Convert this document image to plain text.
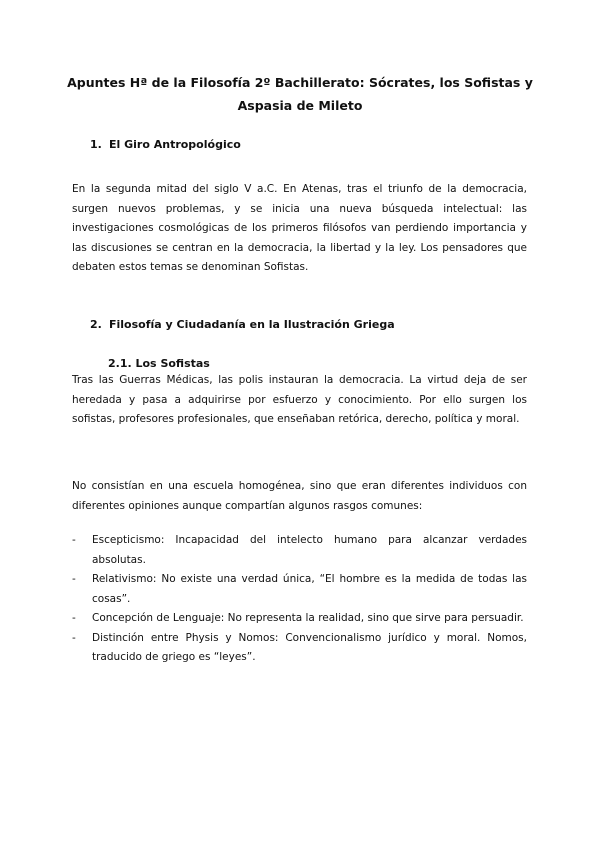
Apuntes Hª de la Filosofía 2º Bachillerato: Sócrates, los Sofistas y Aspasia de Mileto
1. El Giro Antropológico
En la segunda mitad del siglo V a.C. En Atenas, tras el triunfo de la democracia, surgen nuevos problemas, y se inicia una nueva búsqueda intelectual: las investigaciones cosmológicas de los primeros filósofos van perdiendo importancia y las discusiones se centran en la democracia, la libertad y la ley. Los pensadores que debaten estos temas se denominan Sofistas.
2. Filosofía y Ciudadanía en la Ilustración Griega
2.1. Los Sofistas
Tras las Guerras Médicas, las polis instauran la democracia. La virtud deja de ser heredada y pasa a adquirirse por esfuerzo y conocimiento. Por ello surgen los sofistas, profesores profesionales, que enseñaban retórica, derecho, política y moral.
No consistían en una escuela homogénea, sino que eran diferentes individuos con diferentes opiniones aunque compartían algunos rasgos comunes:
- Escepticismo: Incapacidad del intelecto humano para alcanzar verdades absolutas.
- Relativismo: No existe una verdad única, “El hombre es la medida de todas las cosas”.
- Concepción de Lenguaje: No representa la realidad, sino que sirve para persuadir.
- Distinción entre Physis y Nomos: Convencionalismo jurídico y moral. Nomos, traducido de griego es “leyes”.
